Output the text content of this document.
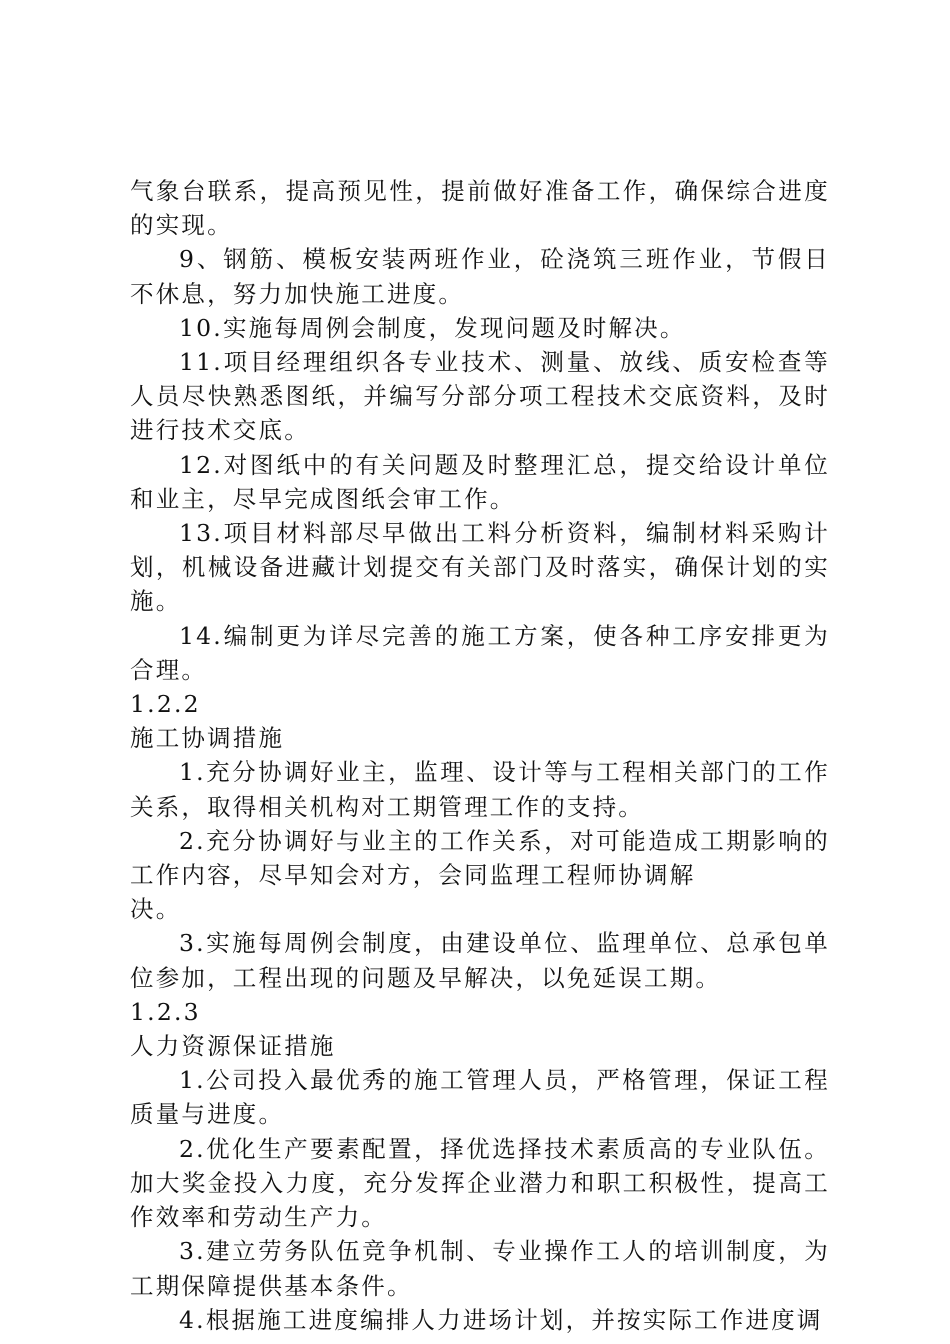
气象台联系，提高预见性，提前做好准备工作，确保综合进度的实现。

9、钢筋、模板安装两班作业，砼浇筑三班作业，节假日不休息，努力加快施工进度。

10.实施每周例会制度，发现问题及时解决。

11.项目经理组织各专业技术、测量、放线、质安检查等人员尽快熟悉图纸，并编写分部分项工程技术交底资料，及时进行技术交底。

12.对图纸中的有关问题及时整理汇总，提交给设计单位和业主，尽早完成图纸会审工作。

13.项目材料部尽早做出工料分析资料，编制材料采购计划，机械设备进藏计划提交有关部门及时落实，确保计划的实施。

14.编制更为详尽完善的施工方案，使各种工序安排更为合理。

1.2.2

施工协调措施

1.充分协调好业主，监理、设计等与工程相关部门的工作关系，取得相关机构对工期管理工作的支持。

2.充分协调好与业主的工作关系，对可能造成工期影响的工作内容，尽早知会对方，会同监理工程师协调解

决。

3.实施每周例会制度，由建设单位、监理单位、总承包单位参加，工程出现的问题及早解决，以免延误工期。

1.2.3

人力资源保证措施

1.公司投入最优秀的施工管理人员，严格管理，保证工程质量与进度。

2.优化生产要素配置，择优选择技术素质高的专业队伍。加大奖金投入力度，充分发挥企业潜力和职工积极性，提高工作效率和劳动生产力。

3.建立劳务队伍竞争机制、专业操作工人的培训制度，为工期保障提供基本条件。

4.根据施工进度编排人力进场计划，并按实际工作进度调
